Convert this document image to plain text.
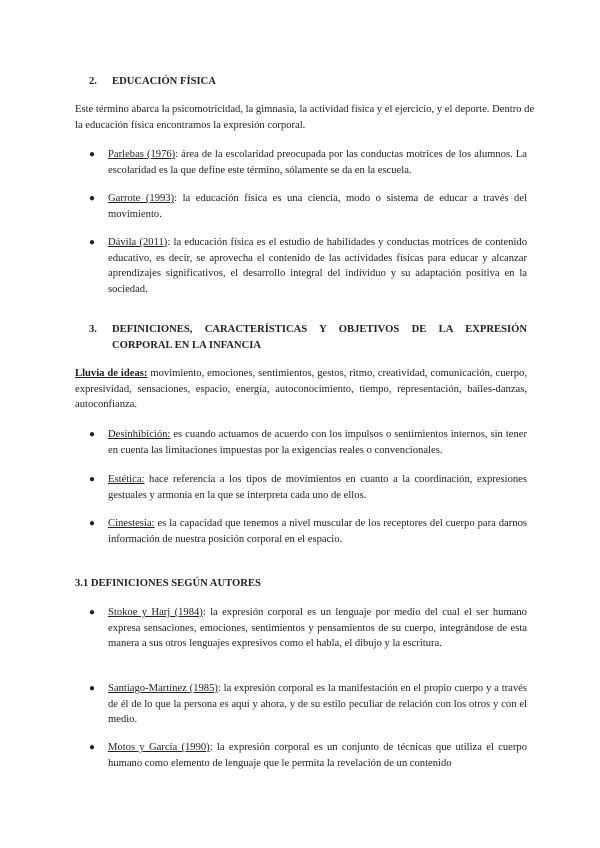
2. EDUCACIÓN FÍSICA
Este término abarca la psicomotricidad, la gimnasia, la actividad física y el ejercicio, y el deporte. Dentro de la educación física encontramos la expresión corporal.
●	Parlebas (1976): área de la escolaridad preocupada por las conductas motrices de los alumnos. La escolaridad es la que define este término, sólamente se da en la escuela.
●	Garrote (1993): la educación física es una ciencia, modo o sistema de educar a través del movimiento.
●	Dávila (2011): la educación física es el estudio de habilidades y conductas motrices de contenido educativo, es decir, se aprovecha el contenido de las actividades físicas para educar y alcanzar aprendizajes significativos, el desarrollo integral del individuo y su adaptación positiva en la sociedad.
3.	DEFINICIONES, CARACTERÍSTICAS Y OBJETIVOS DE LA EXPRESIÓN CORPORAL EN LA INFANCIA
Lluvia de ideas: movimiento, emociones, sentimientos, gestos, ritmo, creatividad, comunicación, cuerpo, expresividad, sensaciones, espacio, energía, autoconocimiento, tiempo, representación, bailes-danzas, autoconfianza.
●	Desinhibición: es cuando actuamos de acuerdo con los impulsos o sentimientos internos, sin tener en cuenta las limitaciones impuestas por la exigencias reales o convencionales.
●	Estética: hace referencia a los tipos de movimientos en cuanto a la coordinación, expresiones gestuales y armonía en la que se interpreta cada uno de ellos.
●	Cinestesia: es la capacidad que tenemos a nivel muscular de los receptores del cuerpo para darnos información de nuestra posición corporal en el espacio.
3.1 DEFINICIONES SEGÚN AUTORES
●	Stokoe y Harj (1984): la expresión corporal es un lenguaje por medio del cual el ser humano expresa sensaciones, emociones, sentimientos y pensamientos de su cuerpo, integrándose de esta manera a sus otros lenguajes expresivos como el habla, el dibujo y la escritura.
●	Santiago-Martínez (1985): la expresión corporal es la manifestación en el propio cuerpo y a través de él de lo que la persona es aquí y ahora, y de su estilo peculiar de relación con los otros y con el medio.
●	Motos y García (1990): la expresión corporal es un conjunto de técnicas que utiliza el cuerpo humano como elemento de lenguaje que le permita la revelación de un contenido
